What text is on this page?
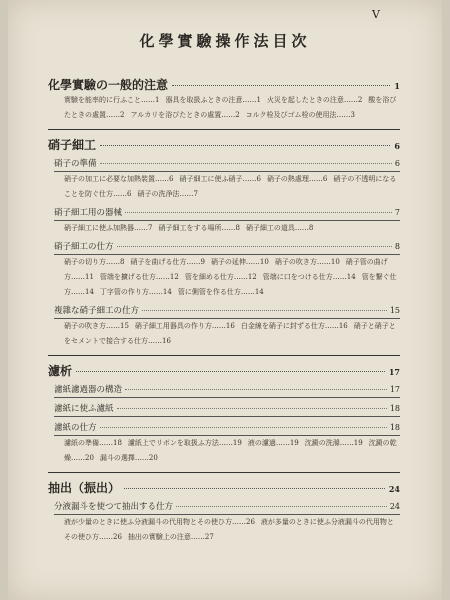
V
化學實驗操作法目次
化學實驗の一般的注意	1
實驗を能率的に行ふこと……1 器具を取扱ふときの注意……1 火災を起したときの注意……2 酸を浴びたときの處置……2 アルカリを浴びたときの處置……2 コルク栓及びゴム栓の使用法……3
硝子細工	6
硝子の準備	6
硝子の加工に必要な加熱裝置……6 硝子細工に使ふ硝子……6 硝子の熱處理……6 硝子の不透明になることを防ぐ仕方……6 硝子の洗浄法……7
硝子細工用の器械	7
硝子細工に使ふ加熱器……7 硝子細工をする場所……8 硝子細工の道具……8
硝子細工の仕方	8
硝子の切り方……8 硝子を曲げる仕方……9 硝子の延伸……10 硝子の吹き方……10 硝子管の曲げ方……11 管端を擴げる仕方……12 管を細める仕方……12 管端に口をつける仕方……14 管を繋ぐ仕方……14 丁字管の作り方……14 管に側管を作る仕方……14
複雜な硝子細工の仕方	15
硝子の吹き方……15 硝子細工用器具の作り方……16 白金線を硝子に封ずる仕方……16 硝子と硝子とをセメントで接合する仕方……16
濾析	17
濾紙濾過器の構造	17
濾紙に使ふ濾紙	18
濾紙の仕方	18
濾紙の準備……18 濾紙上でリボンを取扱ふ方法……19 液の濾過……19 沈澱の洗滌……19 沈澱の乾燥……20 漏斗の選擇……20
抽出（振出）	24
分液漏斗を使つて抽出する仕方	24
液が少量のときに使ふ分液漏斗の代用物とその使ひ方……26 液が多量のときに使ふ分液漏斗の代用物とその使ひ方……26 抽出の實驗上の注意……27
